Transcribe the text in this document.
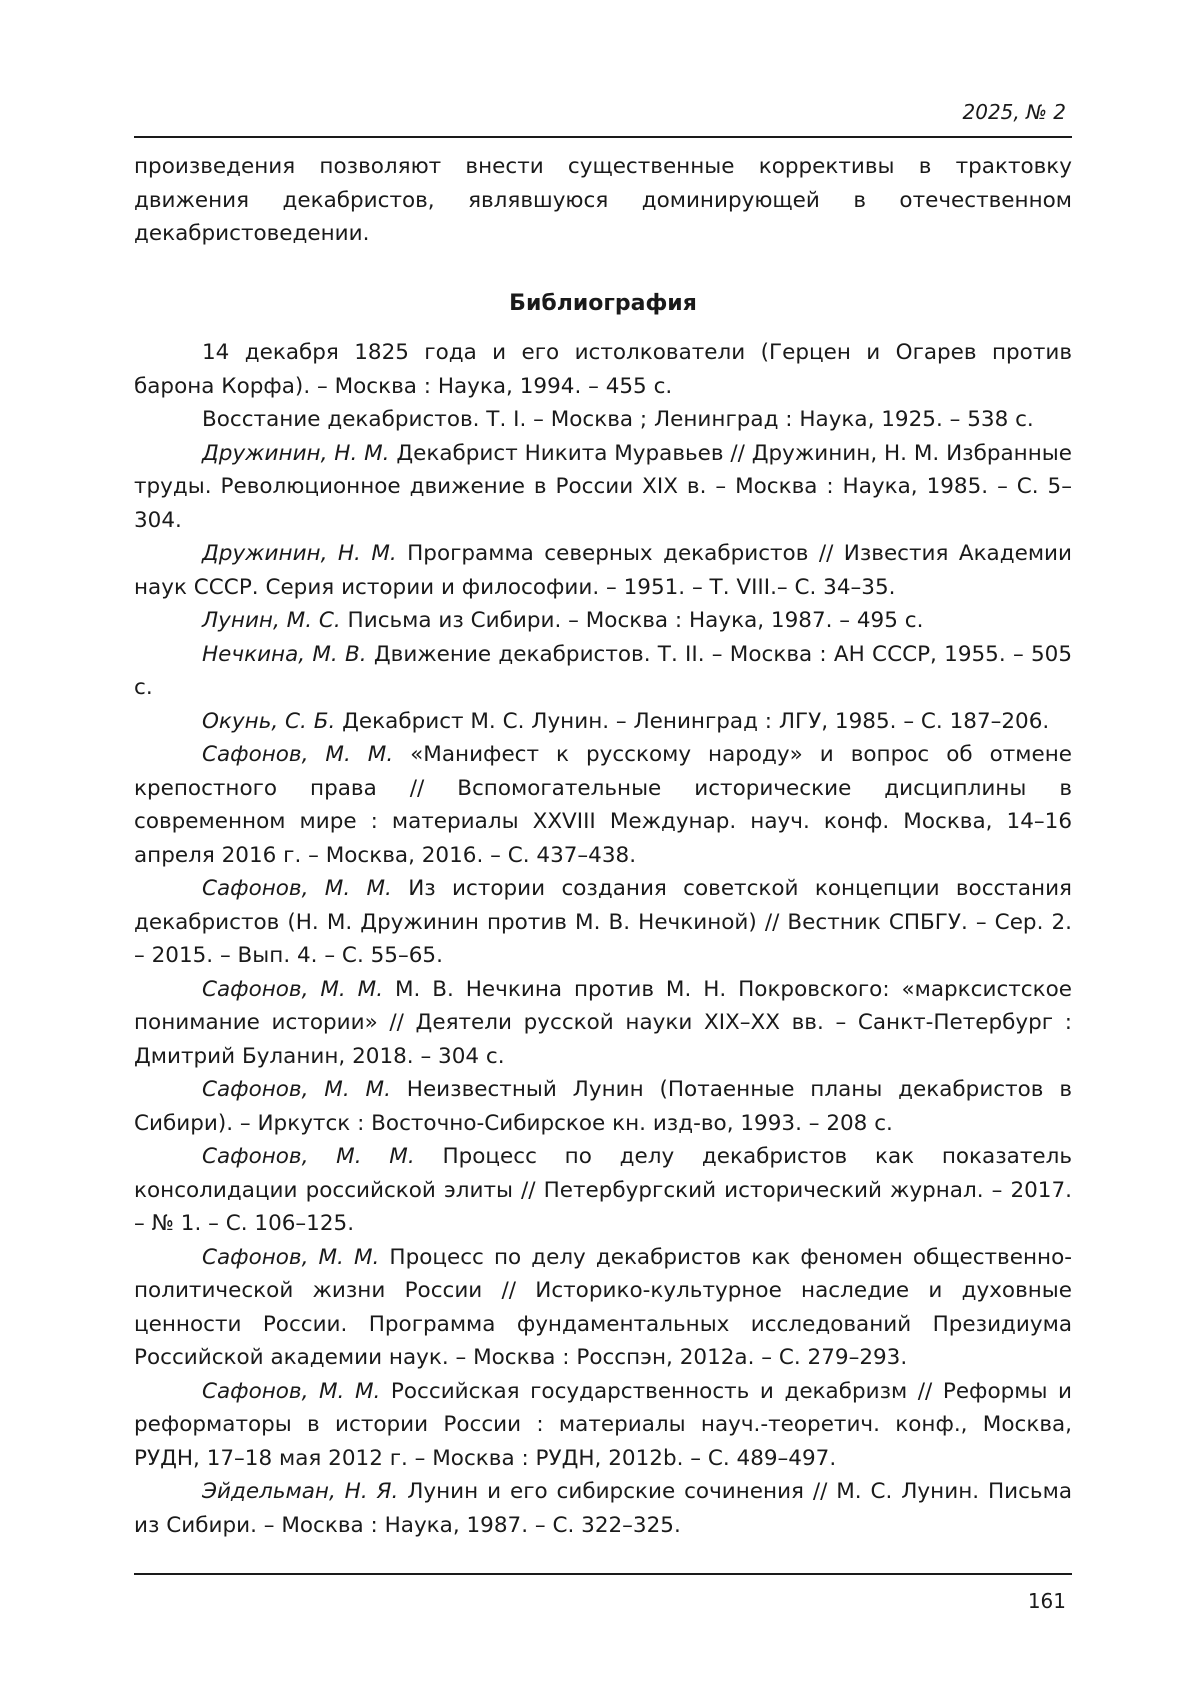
2025, № 2

произведения позволяют внести существенные коррективы в трактовку движения декабристов, являвшуюся доминирующей в отечественном декабристоведении.

Библиография

14 декабря 1825 года и его истолкователи (Герцен и Огарев против барона Корфа). – Москва : Наука, 1994. – 455 с.

Восстание декабристов. Т. I. – Москва ; Ленинград : Наука, 1925. – 538 с.

Дружинин, Н. М. Декабрист Никита Муравьев // Дружинин, Н. М. Избранные труды. Революционное движение в России XIX в. – Москва : Наука, 1985. – С. 5–304.

Дружинин, Н. М. Программа северных декабристов // Известия Академии наук СССР. Серия истории и философии. – 1951. – Т. VIII.– С. 34–35.

Лунин, М. С. Письма из Сибири. – Москва : Наука, 1987. – 495 с.

Нечкина, М. В. Движение декабристов. Т. II. – Москва : АН СССР, 1955. – 505 с.

Окунь, С. Б. Декабрист М. С. Лунин. – Ленинград : ЛГУ, 1985. – С. 187–206.

Сафонов, М. М. «Манифест к русскому народу» и вопрос об отмене крепостного права // Вспомогательные исторические дисциплины в современном мире : материалы XXVIII Междунар. науч. конф. Москва, 14–16 апреля 2016 г. – Москва, 2016. – С. 437–438.

Сафонов, М. М. Из истории создания советской концепции восстания декабристов (Н. М. Дружинин против М. В. Нечкиной) // Вестник СПБГУ. – Сер. 2. – 2015. – Вып. 4. – С. 55–65.

Сафонов, М. М. М. В. Нечкина против М. Н. Покровского: «марксистское понимание истории» // Деятели русской науки XIX–XX вв. – Санкт-Петербург : Дмитрий Буланин, 2018. – 304 с.

Сафонов, М. М. Неизвестный Лунин (Потаенные планы декабристов в Сибири). – Иркутск : Восточно-Сибирское кн. изд-во, 1993. – 208 с.

Сафонов, М. М. Процесс по делу декабристов как показатель консолидации российской элиты // Петербургский исторический журнал. – 2017. – № 1. – С. 106–125.

Сафонов, М. М. Процесс по делу декабристов как феномен общественно-политической жизни России // Историко-культурное наследие и духовные ценности России. Программа фундаментальных исследований Президиума Российской академии наук. – Москва : Росспэн, 2012a. – С. 279–293.

Сафонов, М. М. Российская государственность и декабризм // Реформы и реформаторы в истории России : материалы науч.-теоретич. конф., Москва, РУДН, 17–18 мая 2012 г. – Москва : РУДН, 2012b. – С. 489–497.

Эйдельман, Н. Я. Лунин и его сибирские сочинения // М. С. Лунин. Письма из Сибири. – Москва : Наука, 1987. – С. 322–325.

161
